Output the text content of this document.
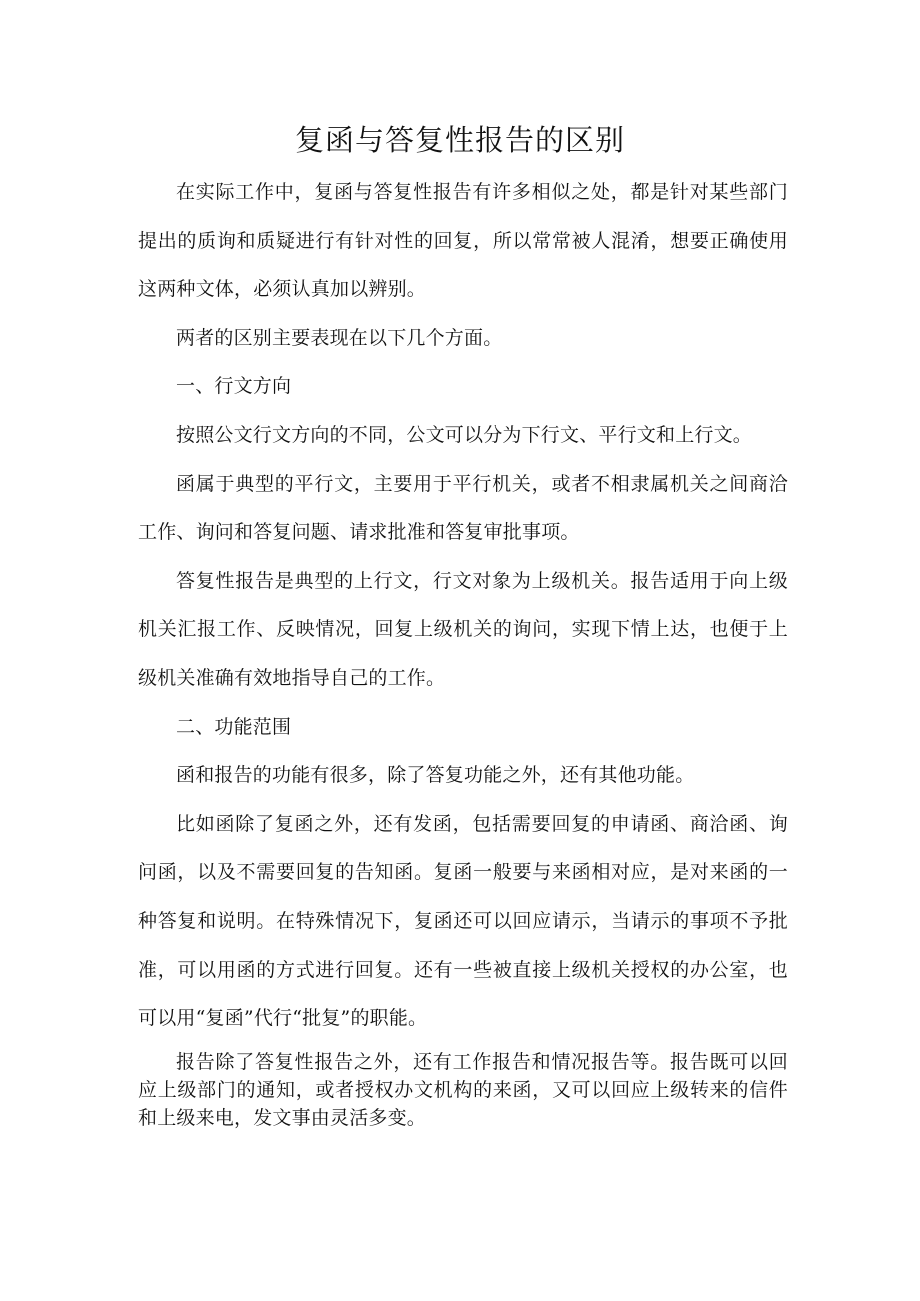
复函与答复性报告的区别

在实际工作中，复函与答复性报告有许多相似之处，都是针对某些部门提出的质询和质疑进行有针对性的回复，所以常常被人混淆，想要正确使用这两种文体，必须认真加以辨别。

两者的区别主要表现在以下几个方面。

一、行文方向

按照公文行文方向的不同，公文可以分为下行文、平行文和上行文。

函属于典型的平行文，主要用于平行机关，或者不相隶属机关之间商洽工作、询问和答复问题、请求批准和答复审批事项。

答复性报告是典型的上行文，行文对象为上级机关。报告适用于向上级机关汇报工作、反映情况，回复上级机关的询问，实现下情上达，也便于上级机关准确有效地指导自己的工作。

二、功能范围

函和报告的功能有很多，除了答复功能之外，还有其他功能。

比如函除了复函之外，还有发函，包括需要回复的申请函、商洽函、询问函，以及不需要回复的告知函。复函一般要与来函相对应，是对来函的一种答复和说明。在特殊情况下，复函还可以回应请示，当请示的事项不予批准，可以用函的方式进行回复。还有一些被直接上级机关授权的办公室，也可以用“复函”代行“批复”的职能。

报告除了答复性报告之外，还有工作报告和情况报告等。报告既可以回应上级部门的通知，或者授权办文机构的来函，又可以回应上级转来的信件和上级来电，发文事由灵活多变。
